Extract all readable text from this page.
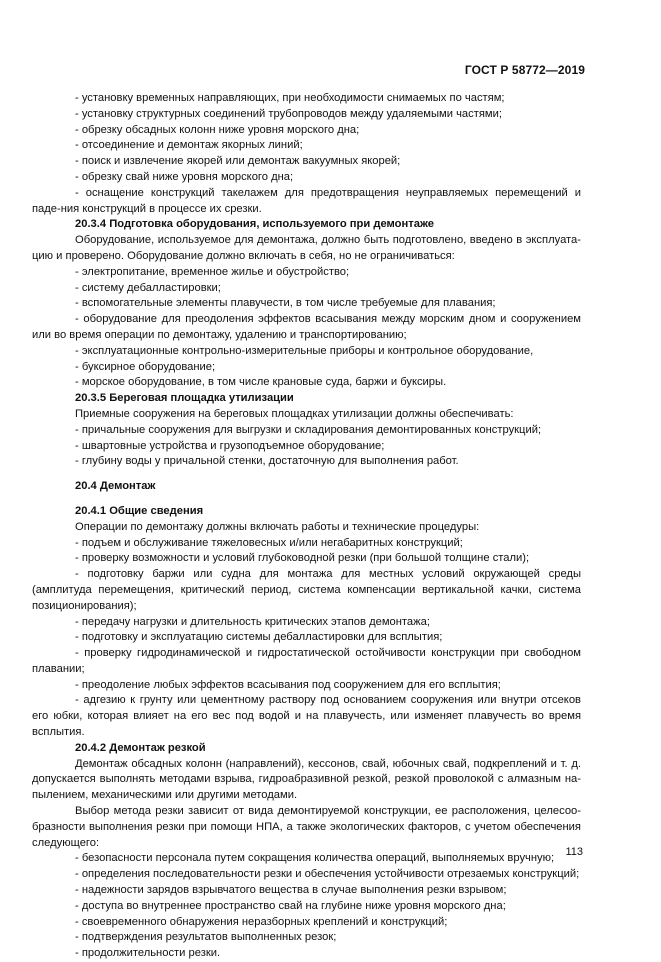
ГОСТ Р 58772—2019

- установку временных направляющих, при необходимости снимаемых по частям;

- установку структурных соединений трубопроводов между удаляемыми частями;

- обрезку обсадных колонн ниже уровня морского дна;

- отсоединение и демонтаж якорных линий;

- поиск и извлечение якорей или демонтаж вакуумных якорей;

- обрезку свай ниже уровня морского дна;

- оснащение конструкций такелажем для предотвращения неуправляемых перемещений и паде-ния конструкций в процессе их срезки.

20.3.4 Подготовка оборудования, используемого при демонтаже

Оборудование, используемое для демонтажа, должно быть подготовлено, введено в эксплуата-цию и проверено. Оборудование должно включать в себя, но не ограничиваться:

- электропитание, временное жилье и обустройство;

- систему дебалластировки;

- вспомогательные элементы плавучести, в том числе требуемые для плавания;

- оборудование для преодоления эффектов всасывания между морским дном и сооружением или во время операции по демонтажу, удалению и транспортированию;

- эксплуатационные контрольно-измерительные приборы и контрольное оборудование,

- буксирное оборудование;

- морское оборудование, в том числе крановые суда, баржи и буксиры.

20.3.5 Береговая площадка утилизации

Приемные сооружения на береговых площадках утилизации должны обеспечивать:

- причальные сооружения для выгрузки и складирования демонтированных конструкций;

- швартовные устройства и грузоподъемное оборудование;

- глубину воды у причальной стенки, достаточную для выполнения работ.

20.4 Демонтаж

20.4.1 Общие сведения

Операции по демонтажу должны включать работы и технические процедуры:

- подъем и обслуживание тяжеловесных и/или негабаритных конструкций;

- проверку возможности и условий глубоководной резки (при большой толщине стали);

- подготовку баржи или судна для монтажа для местных условий окружающей среды (амплитуда перемещения, критический период, система компенсации вертикальной качки, система позиционирования);

- передачу нагрузки и длительность критических этапов демонтажа;

- подготовку и эксплуатацию системы дебалластировки для всплытия;

- проверку гидродинамической и гидростатической остойчивости конструкции при свободном плавании;

- преодоление любых эффектов всасывания под сооружением для его всплытия;

- адгезию к грунту или цементному раствору под основанием сооружения или внутри отсеков его юбки, которая влияет на его вес под водой и на плавучесть, или изменяет плавучесть во время всплытия.

20.4.2 Демонтаж резкой

Демонтаж обсадных колонн (направлений), кессонов, свай, юбочных свай, подкреплений и т. д. допускается выполнять методами взрыва, гидроабразивной резкой, резкой проволокой с алмазным на-пылением, механическими или другими методами.

Выбор метода резки зависит от вида демонтируемой конструкции, ее расположения, целесоо-бразности выполнения резки при помощи НПА, а также экологических факторов, с учетом обеспечения следующего:

- безопасности персонала путем сокращения количества операций, выполняемых вручную;

- определения последовательности резки и обеспечения устойчивости отрезаемых конструкций;

- надежности зарядов взрывчатого вещества в случае выполнения резки взрывом;

- доступа во внутреннее пространство свай на глубине ниже уровня морского дна;

- своевременного обнаружения неразборных креплений и конструкций;

- подтверждения результатов выполненных резок;

- продолжительности резки.

113
